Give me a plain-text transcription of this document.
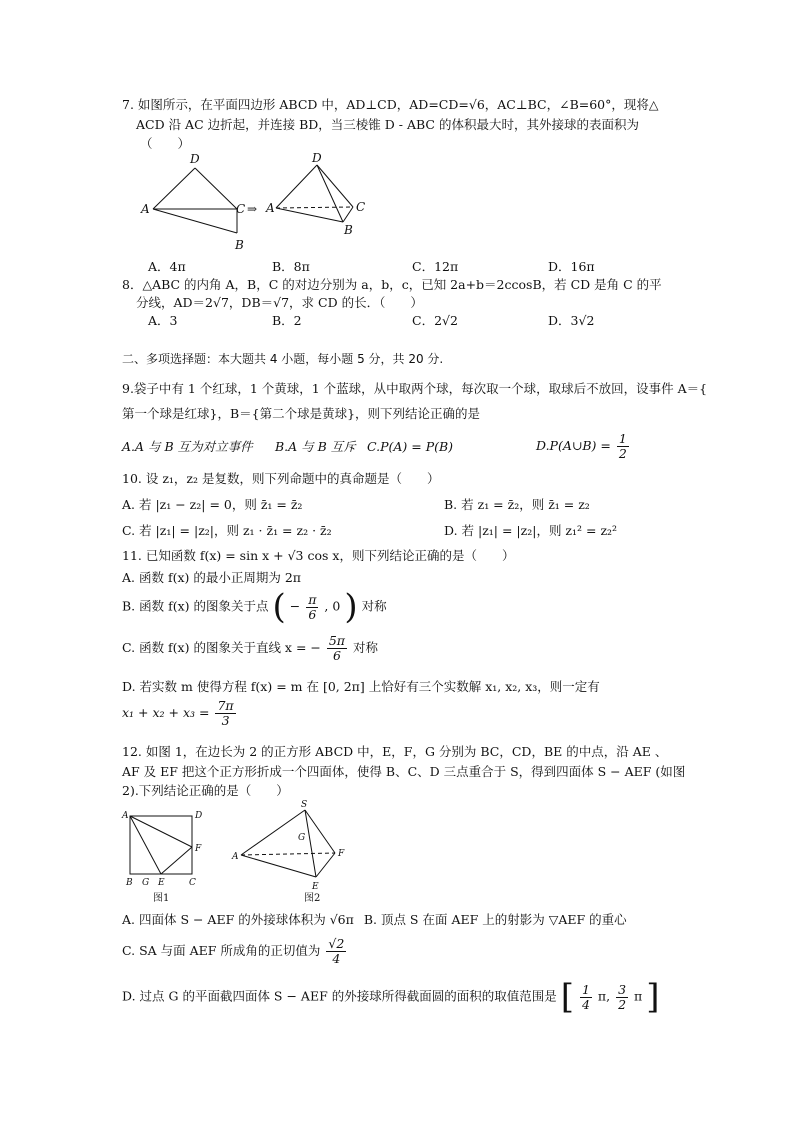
7. 如图所示，在平面四边形 ABCD 中，AD⊥CD，AD=CD=√6，AC⊥BC，∠B=60°，现将△
ACD 沿 AC 边折起，并连接 BD，当三棱锥 D - ABC 的体积最大时，其外接球的表面积为
（　　）
A
D
C
B
⇒ A
D
C
B
A．4π	B．8π	C．12π	D．16π
8．△ABC 的内角 A，B，C 的对边分别为 a，b，c，已知 2a+b＝2ccosB，若 CD 是角 C 的平
分线，AD＝2√7，DB＝√7，求 CD 的长．（　　）
A．3	B．2	C．2√2	D．3√2
二、多项选择题：本大题共 4 小题，每小题 5 分，共 20 分.
9.袋子中有 1 个红球，1 个黄球，1 个蓝球，从中取两个球，每次取一个球，取球后不放回，设事件 A＝{
第一个球是红球}，B＝{第二个球是黄球}，则下列结论正确的是
A.A 与 B 互为对立事件 B.A 与 B 互斥 C.P(A) = P(B)	D.P(A∪B) = $\frac{1}{2}$
10. 设 z₁，z₂ 是复数，则下列命题中的真命题是（　　）
A. 若 |z₁ − z₂| = 0，则 z̄₁ = z̄₂	B. 若 z₁ = z̄₂，则 z̄₁ = z₂
C. 若 |z₁| = |z₂|，则 z₁ · z̄₁ = z₂ · z̄₂	D. 若 |z₁| = |z₂|，则 z₁² = z₂²
11. 已知函数 f(x) = sin x + √3 cos x，则下列结论正确的是（　　）
A. 函数 f(x) 的最小正周期为 2π
B. 函数 f(x) 的图象关于点 ( − $\frac{\pi}{6}$ , 0 ) 对称
C. 函数 f(x) 的图象关于直线 x = − $\frac{5\pi}{6}$ 对称
D. 若实数 m 使得方程 f(x) = m 在 [0, 2π] 上恰好有三个实数解 x₁, x₂, x₃，则一定有
$x_1 + x_2 + x_3 = \frac{7\pi}{3}$
12. 如图 1，在边长为 2 的正方形 ABCD 中，E，F，G 分别为 BC，CD，BE 的中点，沿 AE 、
AF 及 EF 把这个正方形折成一个四面体，使得 B、C、D 三点重合于 S，得到四面体 S − AEF (如图
2).下列结论正确的是（　　）
A	D
F
B G E	C
图1
S
G
A	F
E
图2
A. 四面体 S − AEF 的外接球体积为 √6π B. 顶点 S 在面 AEF 上的射影为 ▽AEF 的重心
C. SA 与面 AEF 所成角的正切值为 $\frac{√2}{4}$
D. 过点 G 的平面截四面体 S − AEF 的外接球所得截面圆的面积的取值范围是 [ $\frac{1}{4} \pi$, $\frac{3}{2}$ π ]
